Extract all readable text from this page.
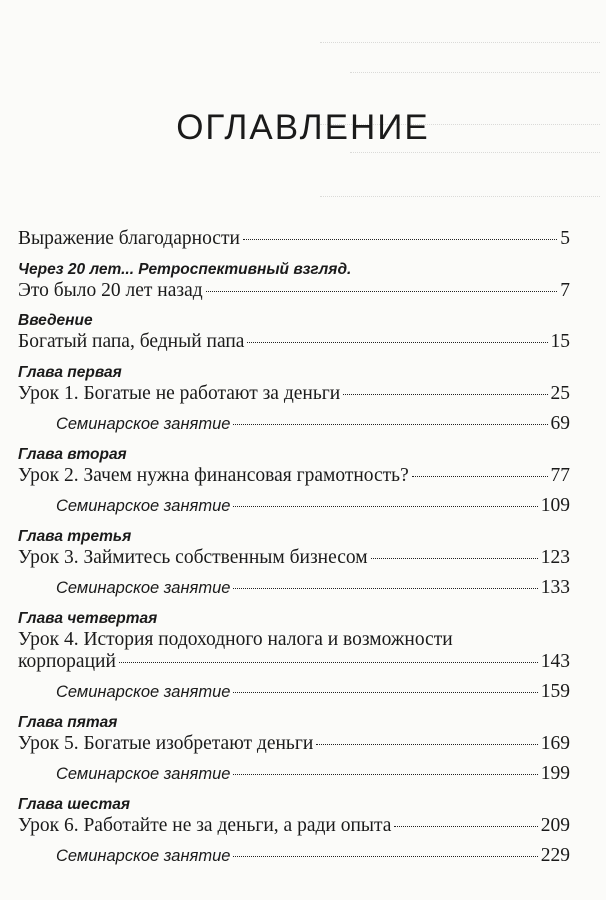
ОГЛАВЛЕНИЕ
Выражение благодарности	5
Через 20 лет... Ретроспективный взгляд.
Это было 20 лет назад	7
Введение
Богатый папа, бедный папа	15
Глава первая
Урок 1. Богатые не работают за деньги	25
Семинарское занятие	69
Глава вторая
Урок 2. Зачем нужна финансовая грамотность?	77
Семинарское занятие	109
Глава третья
Урок 3. Займитесь собственным бизнесом	123
Семинарское занятие	133
Глава четвертая
Урок 4. История подоходного налога и возможности
корпораций	143
Семинарское занятие	159
Глава пятая
Урок 5. Богатые изобретают деньги	169
Семинарское занятие	199
Глава шестая
Урок 6. Работайте не за деньги, а ради опыта	209
Семинарское занятие	229
